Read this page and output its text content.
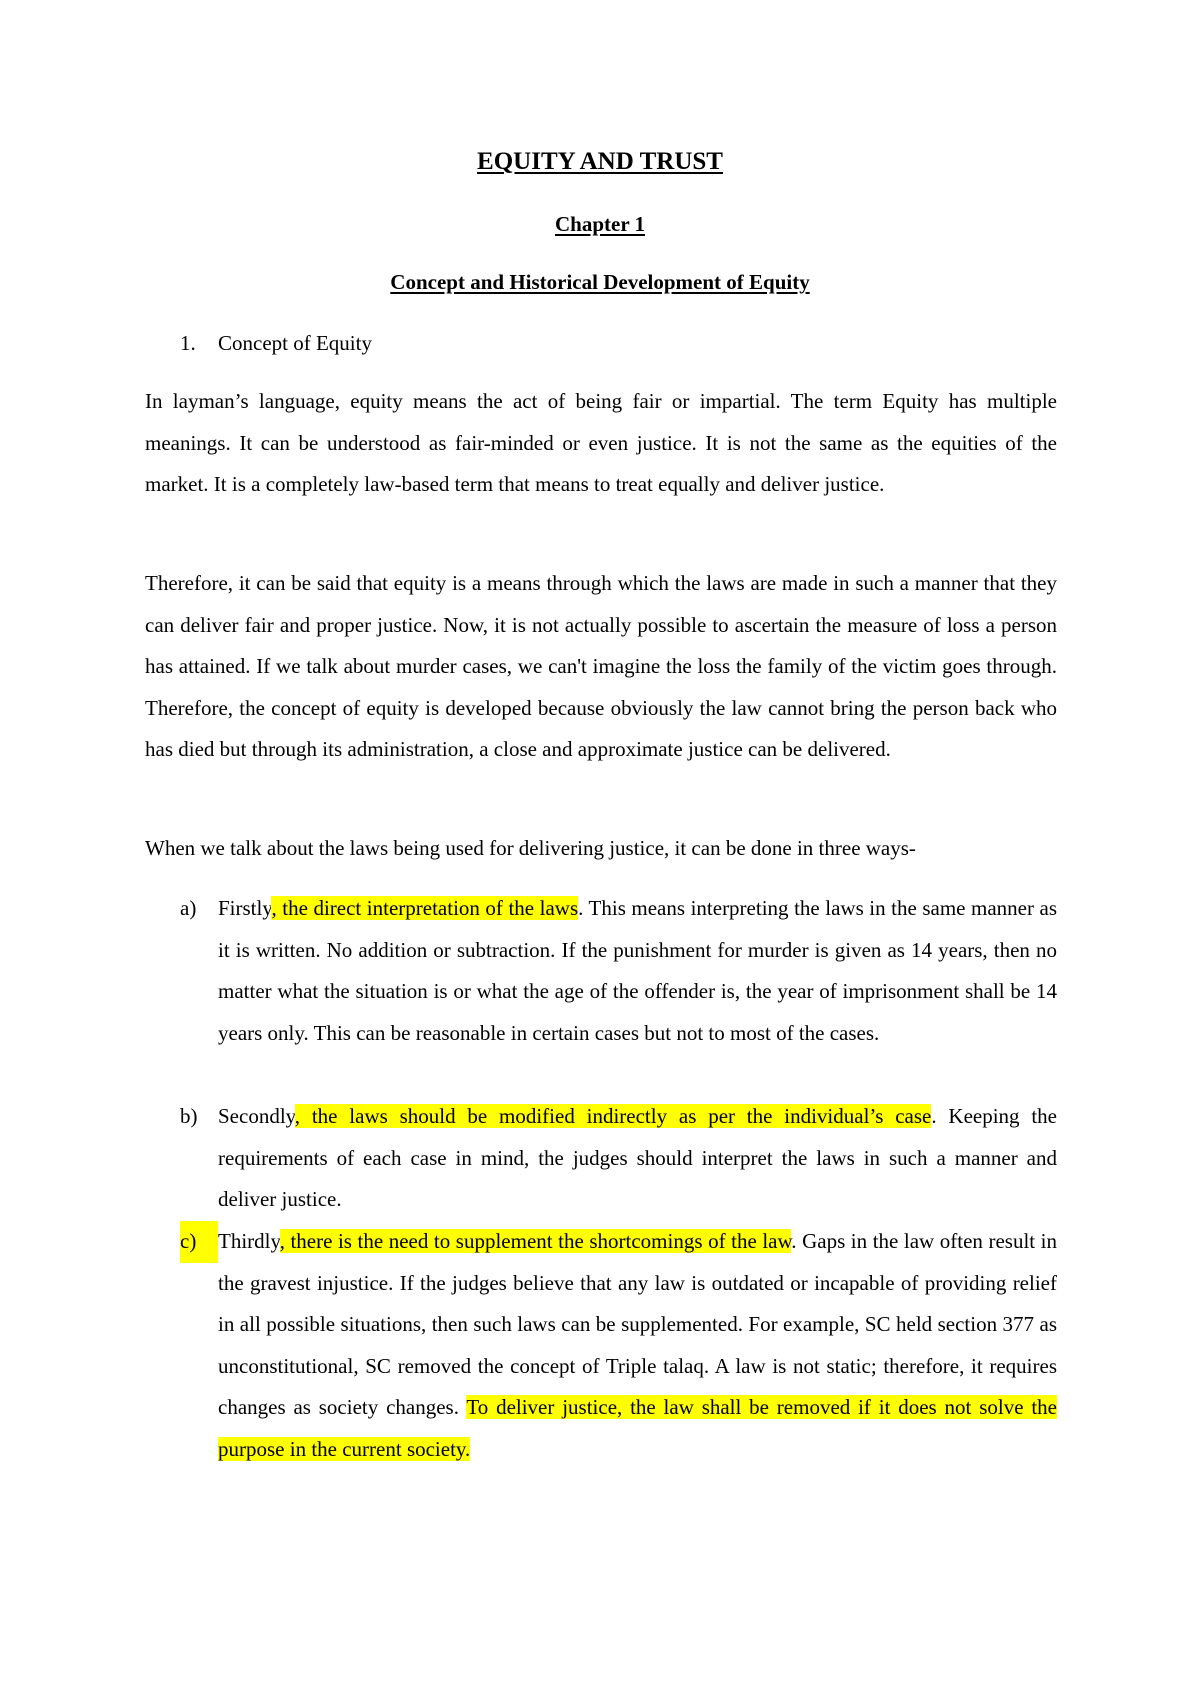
EQUITY AND TRUST
Chapter 1
Concept and Historical Development of Equity
1. Concept of Equity

In layman’s language, equity means the act of being fair or impartial. The term Equity has multiple meanings. It can be understood as fair-minded or even justice. It is not the same as the equities of the market. It is a completely law-based term that means to treat equally and deliver justice.

Therefore, it can be said that equity is a means through which the laws are made in such a manner that they can deliver fair and proper justice. Now, it is not actually possible to ascertain the measure of loss a person has attained. If we talk about murder cases, we can't imagine the loss the family of the victim goes through. Therefore, the concept of equity is developed because obviously the law cannot bring the person back who has died but through its administration, a close and approximate justice can be delivered.

When we talk about the laws being used for delivering justice, it can be done in three ways-

a)	Firstly, the direct interpretation of the laws. This means interpreting the laws in the same manner as it is written. No addition or subtraction. If the punishment for murder is given as 14 years, then no matter what the situation is or what the age of the offender is, the year of imprisonment shall be 14 years only. This can be reasonable in certain cases but not to most of the cases.
b) Secondly, the laws should be modified indirectly as per the individual’s case. Keeping the requirements of each case in mind, the judges should interpret the laws in such a manner and deliver justice.
c)	Thirdly, there is the need to supplement the shortcomings of the law. Gaps in the law often result in the gravest injustice. If the judges believe that any law is outdated or incapable of providing relief in all possible situations, then such laws can be supplemented. For example, SC held section 377 as unconstitutional, SC removed the concept of Triple talaq. A law is not static; therefore, it requires changes as society changes. To deliver justice, the law shall be removed if it does not solve the purpose in the current society.
